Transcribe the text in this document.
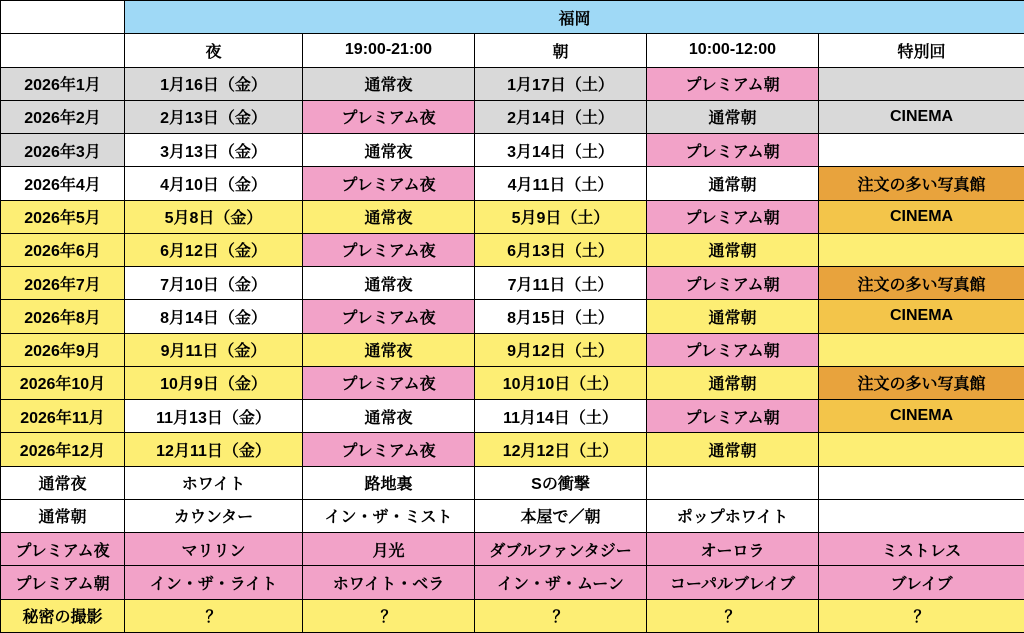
	福岡				
	夜	19:00-21:00	朝	10:00-12:00	特別回
2026年1月	1月16日（金）	通常夜	1月17日（土）	プレミアム朝	
2026年2月	2月13日（金）	プレミアム夜	2月14日（土）	通常朝	CINEMA
2026年3月	3月13日（金）	通常夜	3月14日（土）	プレミアム朝	
2026年4月	4月10日（金）	プレミアム夜	4月11日（土）	通常朝	注文の多い写真館
2026年5月	5月8日（金）	通常夜	5月9日（土）	プレミアム朝	CINEMA
2026年6月	6月12日（金）	プレミアム夜	6月13日（土）	通常朝	
2026年7月	7月10日（金）	通常夜	7月11日（土）	プレミアム朝	注文の多い写真館
2026年8月	8月14日（金）	プレミアム夜	8月15日（土）	通常朝	CINEMA
2026年9月	9月11日（金）	通常夜	9月12日（土）	プレミアム朝	
2026年10月	10月9日（金）	プレミアム夜	10月10日（土）	通常朝	注文の多い写真館
2026年11月	11月13日（金）	通常夜	11月14日（土）	プレミアム朝	CINEMA
2026年12月	12月11日（金）	プレミアム夜	12月12日（土）	通常朝	
通常夜	ホワイト	路地裏	Sの衝撃		
通常朝	カウンター	イン・ザ・ミスト	本屋で／朝	ポップホワイト	
プレミアム夜	マリリン	月光	ダブルファンタジー	オーロラ	ミストレス
プレミアム朝	イン・ザ・ライト	ホワイト・ベラ	イン・ザ・ムーン	コーパルブレイブ	ブレイブ
秘密の撮影	？	？	？	？	？
